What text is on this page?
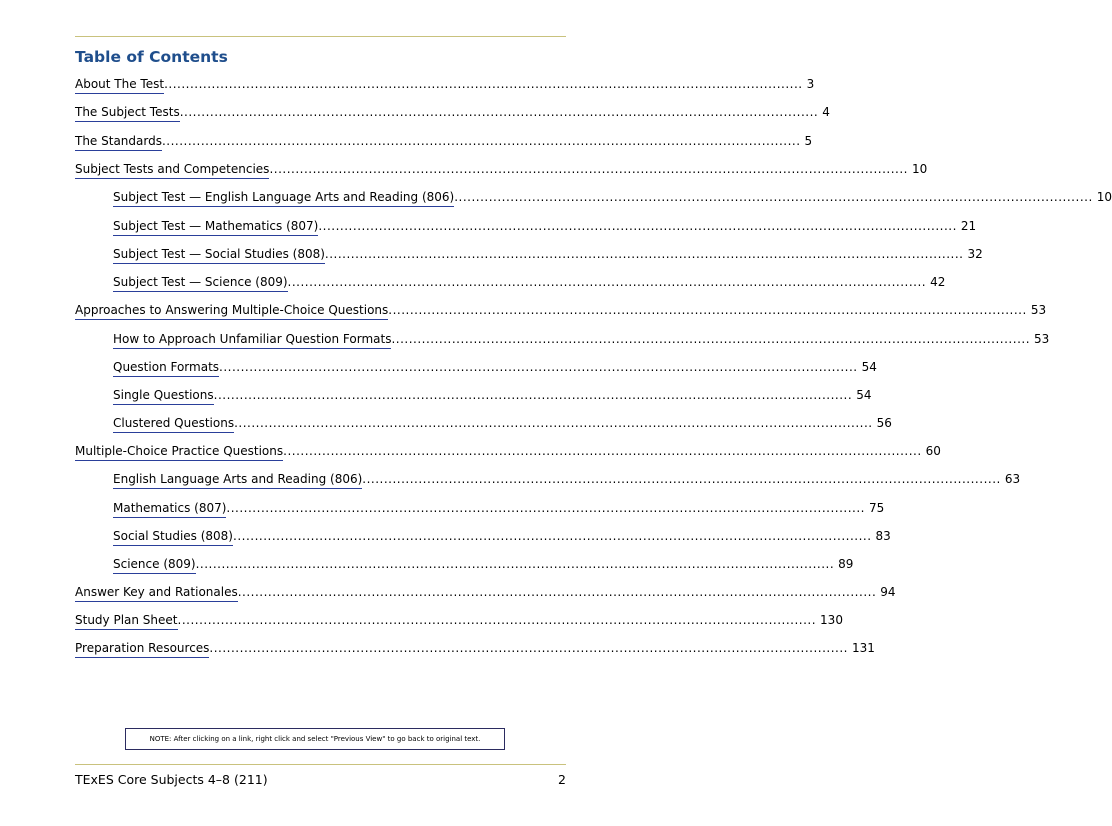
Table of Contents
About The Test .................................................................................................................................................... 3
The Subject Tests .................................................................................................................................................... 4
The Standards .................................................................................................................................................... 5
Subject Tests and Competencies .................................................................................................................................................... 10
Subject Test — English Language Arts and Reading (806) .................................................................................................................................................... 10
Subject Test — Mathematics (807) .................................................................................................................................................... 21
Subject Test — Social Studies (808) .................................................................................................................................................... 32
Subject Test — Science (809) .................................................................................................................................................... 42
Approaches to Answering Multiple-Choice Questions .................................................................................................................................................... 53
How to Approach Unfamiliar Question Formats .................................................................................................................................................... 53
Question Formats .................................................................................................................................................... 54
Single Questions .................................................................................................................................................... 54
Clustered Questions .................................................................................................................................................... 56
Multiple-Choice Practice Questions .................................................................................................................................................... 60
English Language Arts and Reading (806) .................................................................................................................................................... 63
Mathematics (807) .................................................................................................................................................... 75
Social Studies (808) .................................................................................................................................................... 83
Science (809) .................................................................................................................................................... 89
Answer Key and Rationales .................................................................................................................................................... 94
Study Plan Sheet .................................................................................................................................................... 130
Preparation Resources .................................................................................................................................................... 131
NOTE: After clicking on a link, right click and select "Previous View" to go back to original text.
TExES Core Subjects 4–8 (211)	2
